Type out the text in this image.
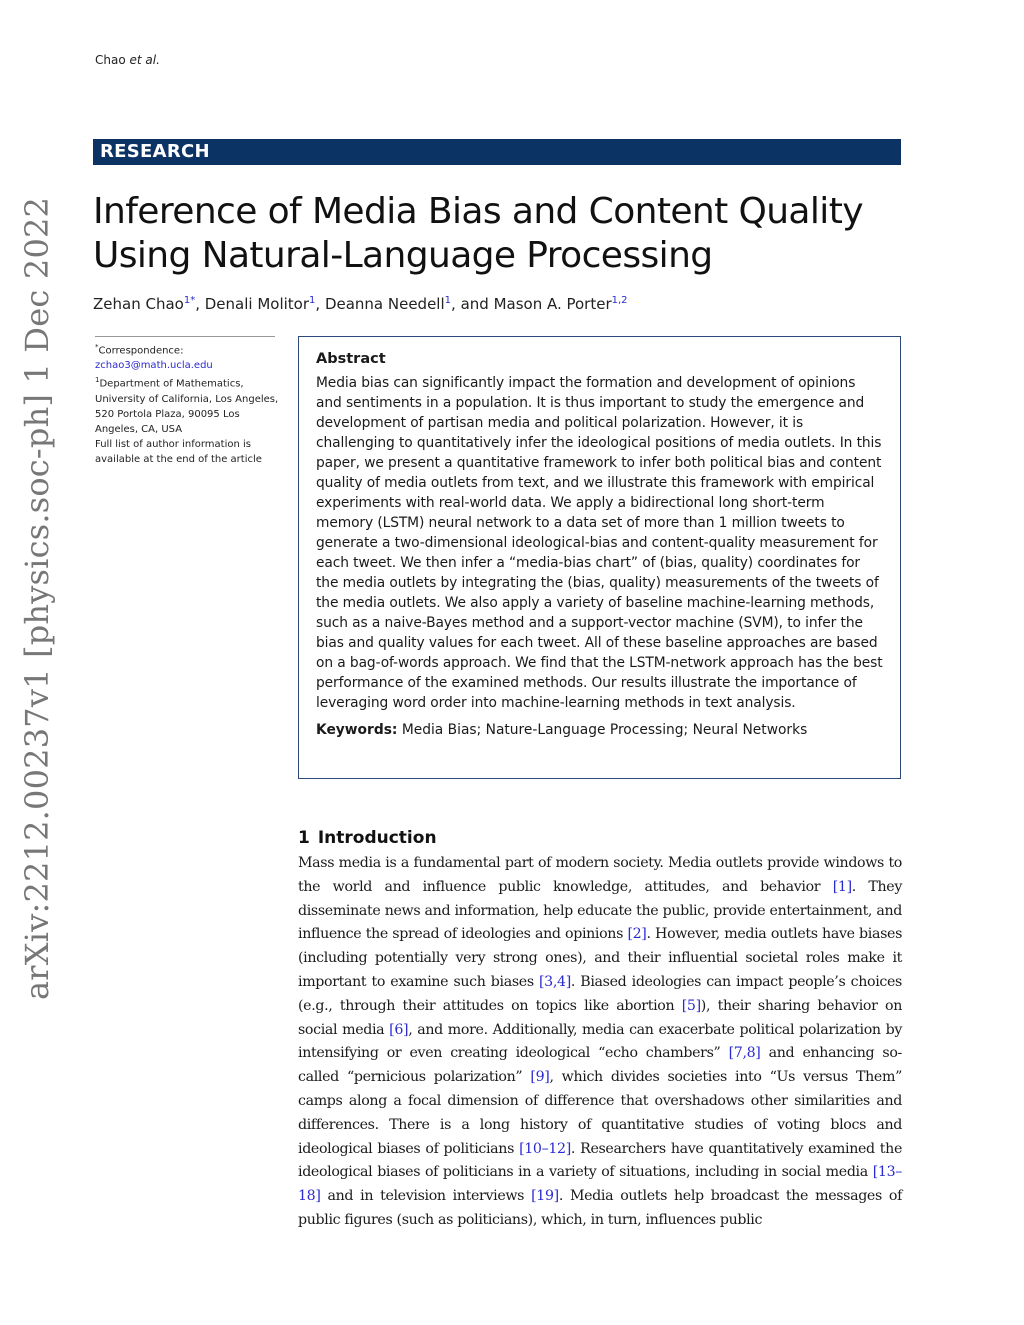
Chao et al.
RESEARCH
Inference of Media Bias and Content Quality
Using Natural-Language Processing
Zehan Chao$^{1*}$, Denali Molitor$^1$, Deanna Needell$^1$, and Mason A. Porter$^{1,2}$
*Correspondence:
zchao3@math.ucla.edu
$^1$Department of Mathematics, University of California, Los Angeles, 520 Portola Plaza, 90095 Los Angeles, CA, USA
Full list of author information is available at the end of the article
Abstract
Media bias can significantly impact the formation and development of opinions and sentiments in a population. It is thus important to study the emergence and development of partisan media and political polarization. However, it is challenging to quantitatively infer the ideological positions of media outlets. In this paper, we present a quantitative framework to infer both political bias and content quality of media outlets from text, and we illustrate this framework with empirical experiments with real-world data. We apply a bidirectional long short-term memory (LSTM) neural network to a data set of more than 1 million tweets to generate a two-dimensional ideological-bias and content-quality measurement for each tweet. We then infer a “media-bias chart” of (bias, quality) coordinates for the media outlets by integrating the (bias, quality) measurements of the tweets of the media outlets. We also apply a variety of baseline machine-learning methods, such as a naive-Bayes method and a support-vector machine (SVM), to infer the bias and quality values for each tweet. All of these baseline approaches are based on a bag-of-words approach. We find that the LSTM-network approach has the best performance of the examined methods. Our results illustrate the importance of leveraging word order into machine-learning methods in text analysis.
Keywords: Media Bias; Nature-Language Processing; Neural Networks
1 Introduction
Mass media is a fundamental part of modern society. Media outlets provide windows to the world and influence public knowledge, attitudes, and behavior [1]. They disseminate news and information, help educate the public, provide entertainment, and influence the spread of ideologies and opinions [2]. However, media outlets have biases (including potentially very strong ones), and their influential societal roles make it important to examine such biases [3,4]. Biased ideologies can impact people’s choices (e.g., through their attitudes on topics like abortion [5]), their sharing behavior on social media [6], and more. Additionally, media can exacerbate political polarization by intensifying or even creating ideological “echo chambers” [7,8] and enhancing so-called “pernicious polarization” [9], which divides societies into “Us versus Them” camps along a focal dimension of difference that overshadows other similarities and differences. There is a long history of quantitative studies of voting blocs and ideological biases of politicians [10–12]. Researchers have quantitatively examined the ideological biases of politicians in a variety of situations, including in social media [13–18] and in television interviews [19]. Media outlets help broadcast the messages of public figures (such as politicians), which, in turn, influences public
arXiv:2212.00237v1 [physics.soc-ph] 1 Dec 2022
